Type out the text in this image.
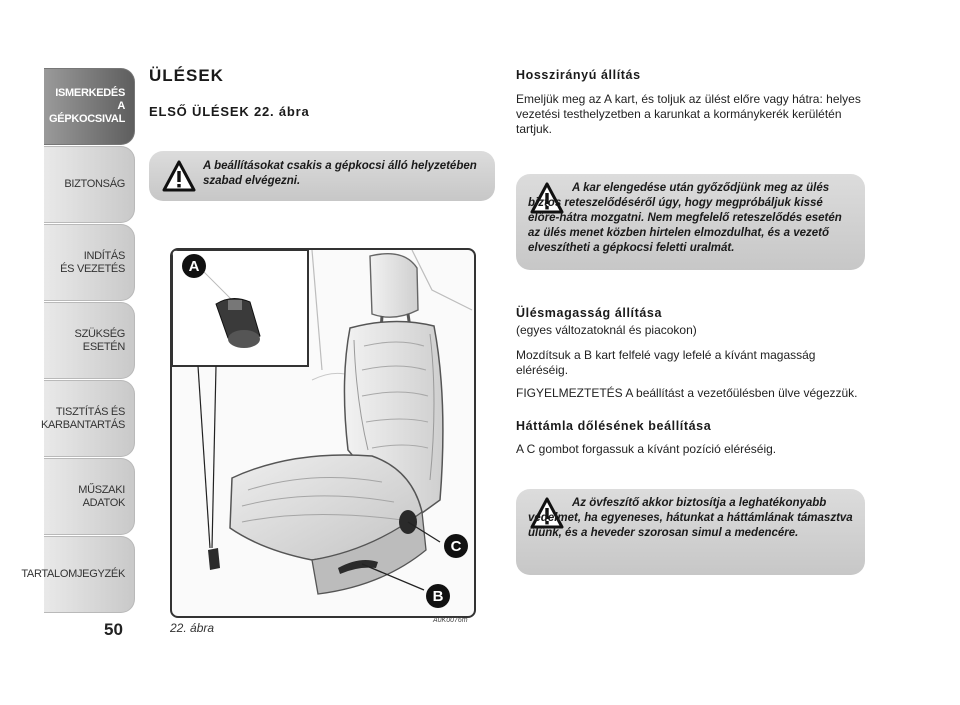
ISMERKEDÉS
A GÉPKOCSIVAL
BIZTONSÁG
INDÍTÁS
ÉS VEZETÉS
SZÜKSÉG
ESETÉN
TISZTÍTÁS ÉS
KARBANTARTÁS
MŰSZAKI
ADATOK
TARTALOMJEGYZÉK
50
ÜLÉSEK
ELSŐ ÜLÉSEK 22. ábra
A beállításokat csakis a gépkocsi álló helyzetében szabad elvégezni.
Hosszirányú állítás
Emeljük meg az A kart, és toljuk az ülést előre vagy hátra: helyes vezetési testhelyzetben a karunkat a kormánykerék kerülétén tartjuk.
A kar elengedése után győződjünk meg az ülés biztos reteszelődéséről úgy, hogy megpróbáljuk kissé előre-hátra mozgatni. Nem megfelelő reteszelődés esetén az ülés menet közben hirtelen elmozdulhat, és a vezető elveszítheti a gépkocsi feletti uralmát.
Ülésmagasság állítása
(egyes változatoknál és piacokon)
Mozdítsuk a B kart felfelé vagy lefelé a kívánt magasság eléréséig.
FIGYELMEZTETÉS A beállítást a vezetőülésben ülve végezzük.
Háttámla dőlésének beállítása
A C gombot forgassuk a kívánt pozíció eléréséig.
Az övfeszítő akkor biztosítja a leghatékonyabb védelmet, ha egyeneses, hátunkat a háttámlának támasztva ülünk, és a heveder szorosan simul a medencére.
A
C
B
22. ábra
A0K0076m
